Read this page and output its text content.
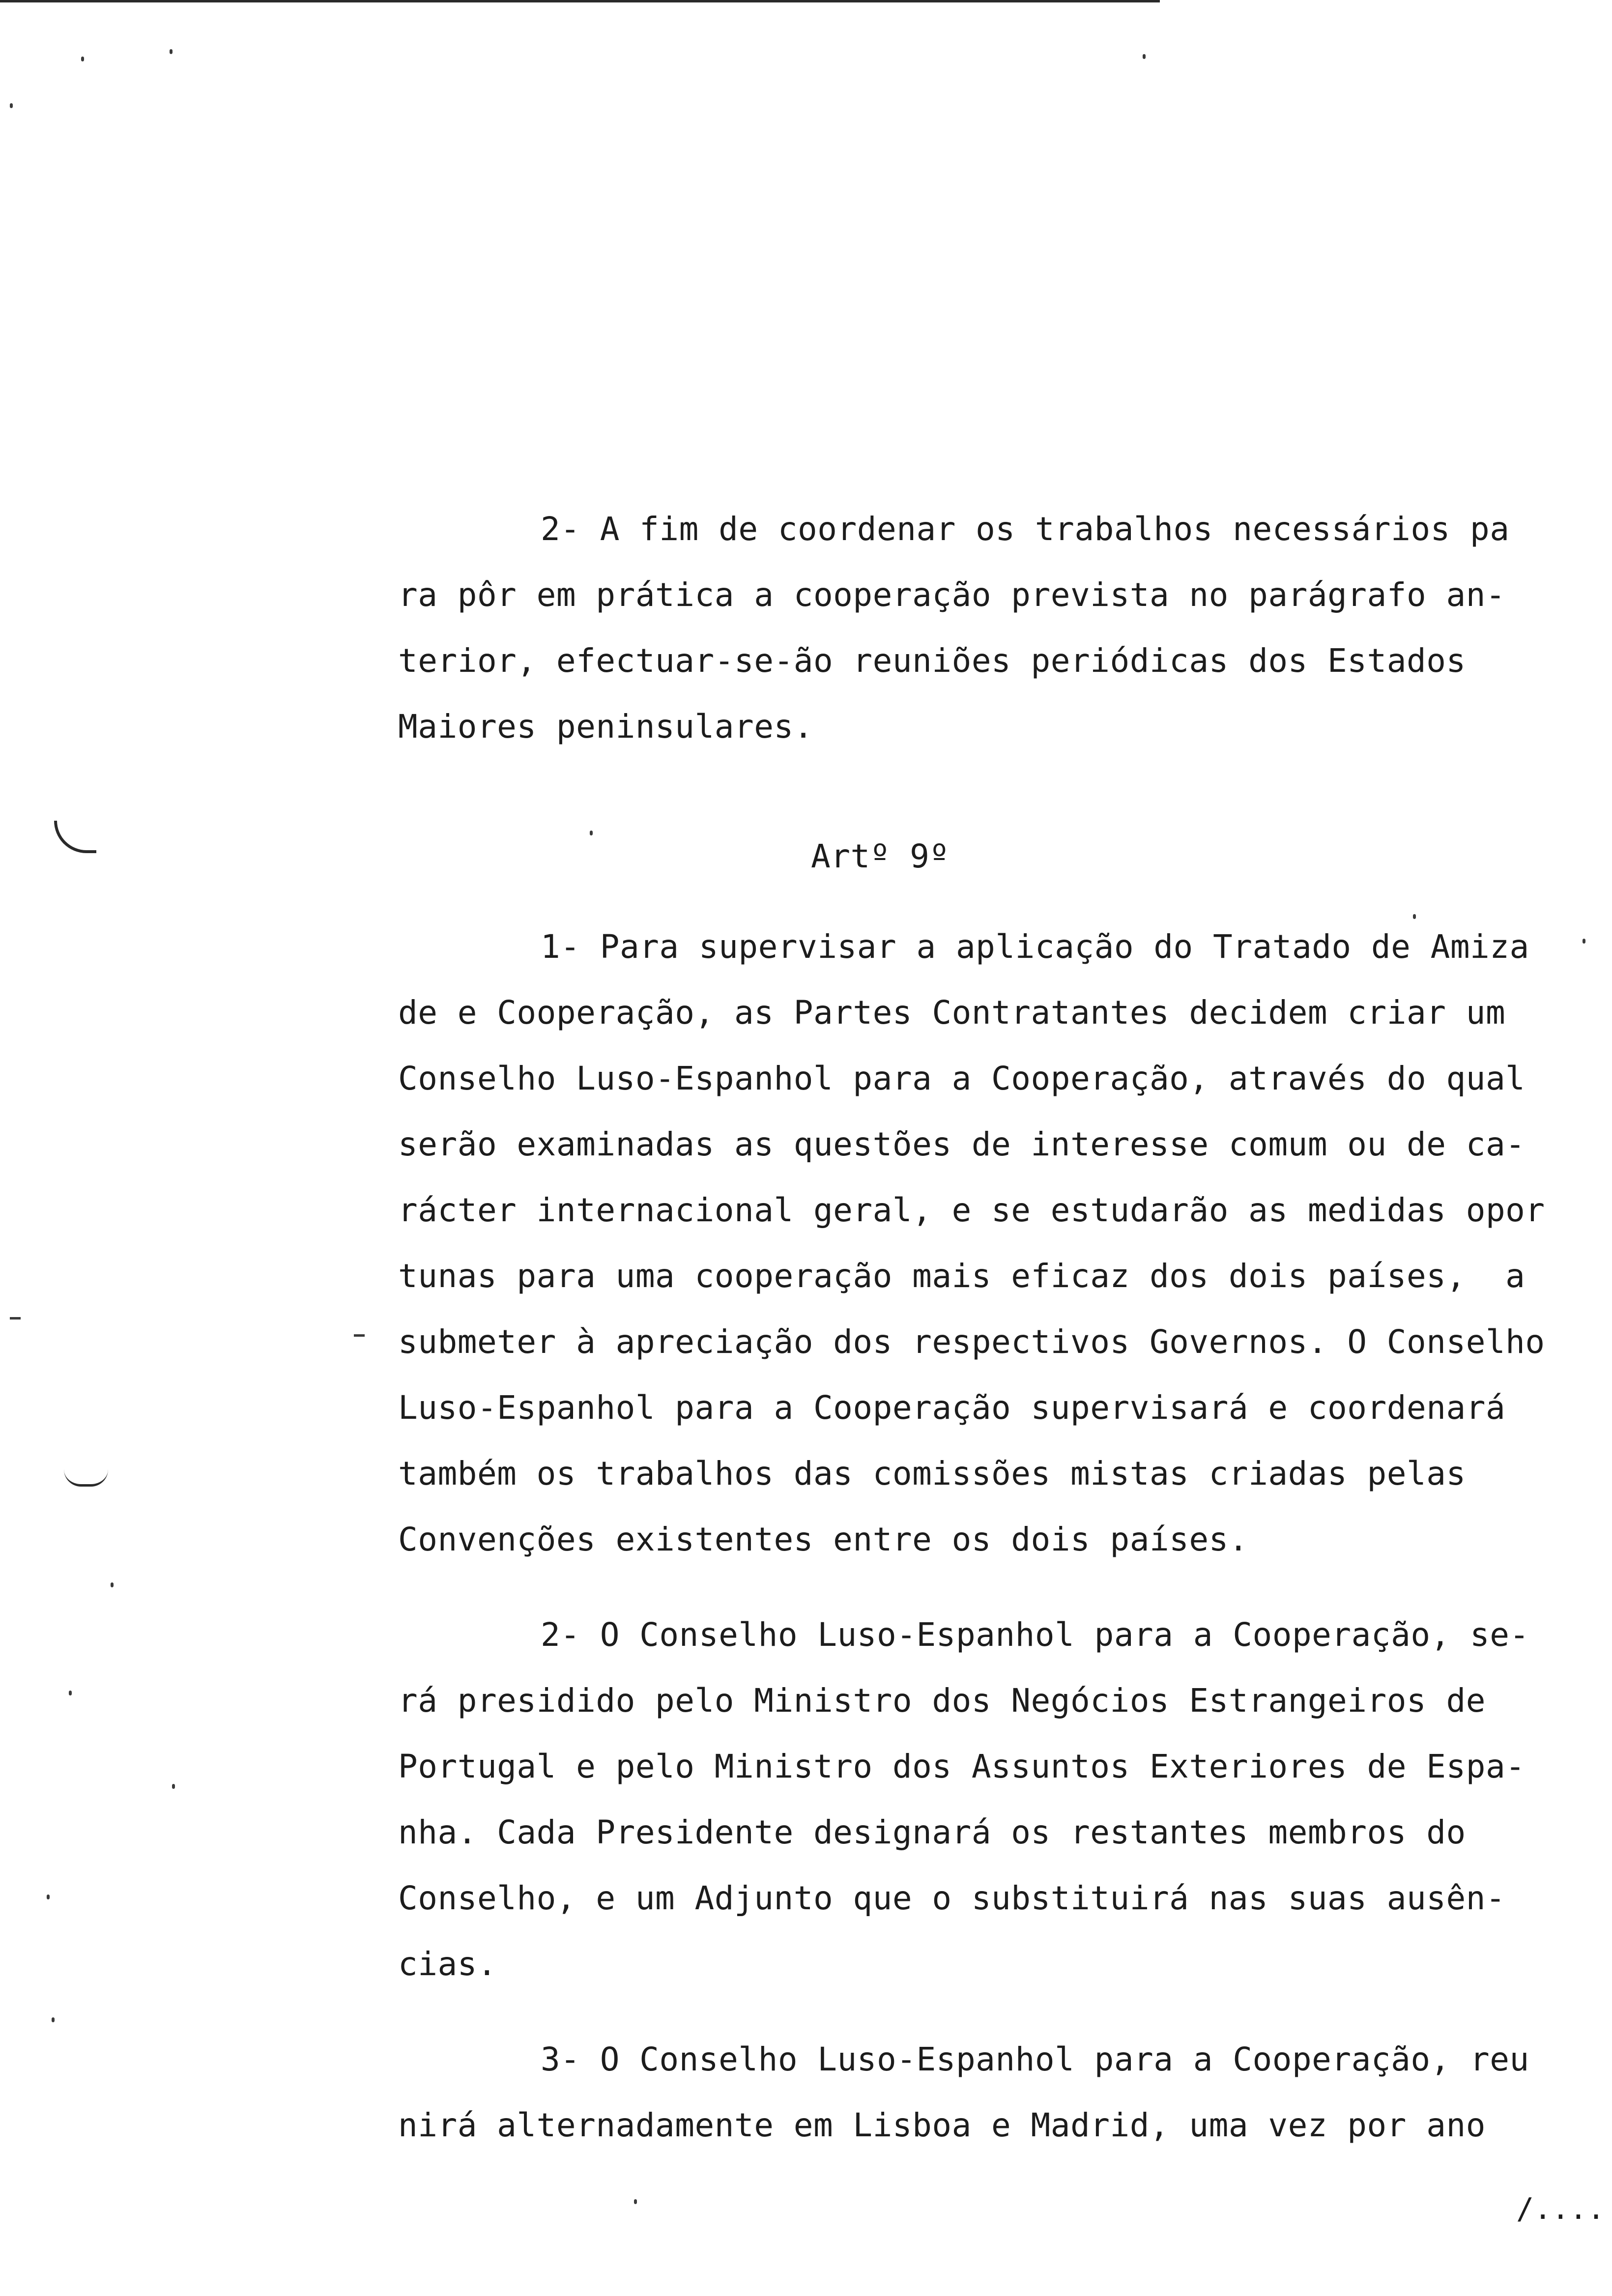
2- A fim de coordenar os trabalhos necessários pa
ra pôr em prática a cooperação prevista no parágrafo an-
terior, efectuar-se-ão reuniões periódicas dos Estados
Maiores peninsulares.
Artº 9º
1- Para supervisar a aplicação do Tratado de Amiza
de e Cooperação, as Partes Contratantes decidem criar um
Conselho Luso-Espanhol para a Cooperação, através do qual
serão examinadas as questões de interesse comum ou de ca-
rácter internacional geral, e se estudarão as medidas opor
tunas para uma cooperação mais eficaz dos dois países,  a
submeter à apreciação dos respectivos Governos. O Conselho
Luso-Espanhol para a Cooperação supervisará e coordenará
também os trabalhos das comissões mistas criadas pelas
Convenções existentes entre os dois países.
2- O Conselho Luso-Espanhol para a Cooperação, se-
rá presidido pelo Ministro dos Negócios Estrangeiros de
Portugal e pelo Ministro dos Assuntos Exteriores de Espa-
nha. Cada Presidente designará os restantes membros do
Conselho, e um Adjunto que o substituirá nas suas ausên-
cias.
3- O Conselho Luso-Espanhol para a Cooperação, reu
nirá alternadamente em Lisboa e Madrid, uma vez por ano
/....
